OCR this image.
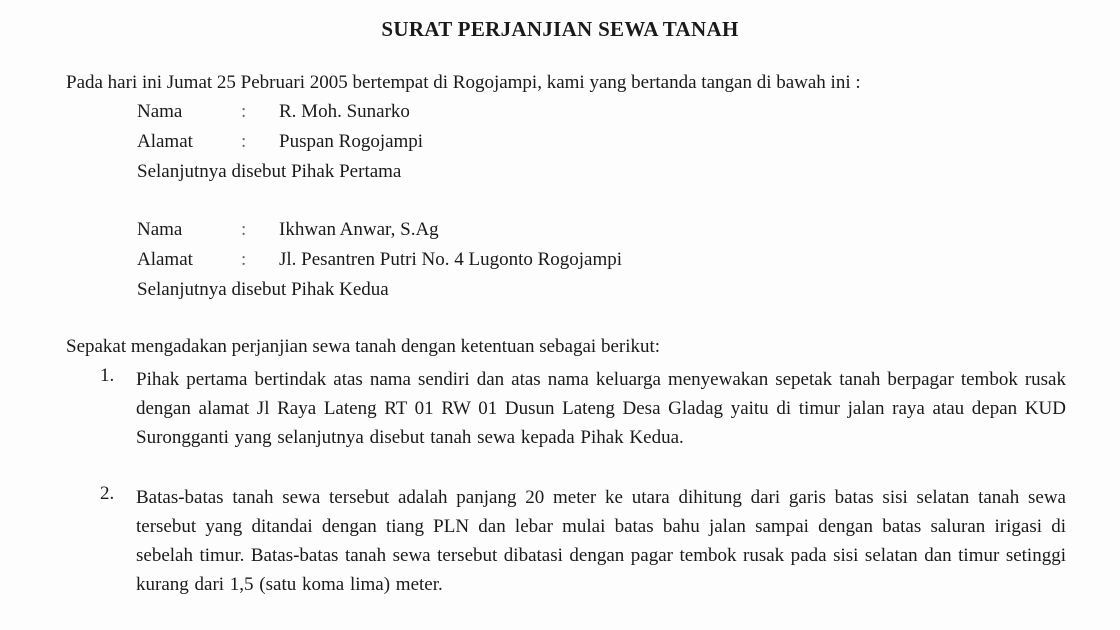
SURAT PERJANJIAN SEWA TANAH
Pada hari ini Jumat 25 Pebruari 2005 bertempat di Rogojampi, kami yang bertanda tangan di bawah ini :
Nama	: R. Moh. Sunarko
Alamat	: Puspan Rogojampi
Selanjutnya disebut Pihak Pertama
Nama	: Ikhwan Anwar, S.Ag
Alamat	: Jl. Pesantren Putri No. 4 Lugonto Rogojampi
Selanjutnya disebut Pihak Kedua
Sepakat mengadakan perjanjian sewa tanah dengan ketentuan sebagai berikut:
1. Pihak pertama bertindak atas nama sendiri dan atas nama keluarga menyewakan sepetak tanah berpagar tembok rusak dengan alamat Jl Raya Lateng RT 01 RW 01 Dusun Lateng Desa Gladag yaitu di timur jalan raya atau depan KUD Surongganti yang selanjutnya disebut tanah sewa kepada Pihak Kedua.
2. Batas-batas tanah sewa tersebut adalah panjang 20 meter ke utara dihitung dari garis batas sisi selatan tanah sewa tersebut yang ditandai dengan tiang PLN dan lebar mulai batas bahu jalan sampai dengan batas saluran irigasi di sebelah timur. Batas-batas tanah sewa tersebut dibatasi dengan pagar tembok rusak pada sisi selatan dan timur setinggi kurang dari 1,5 (satu koma lima) meter.
